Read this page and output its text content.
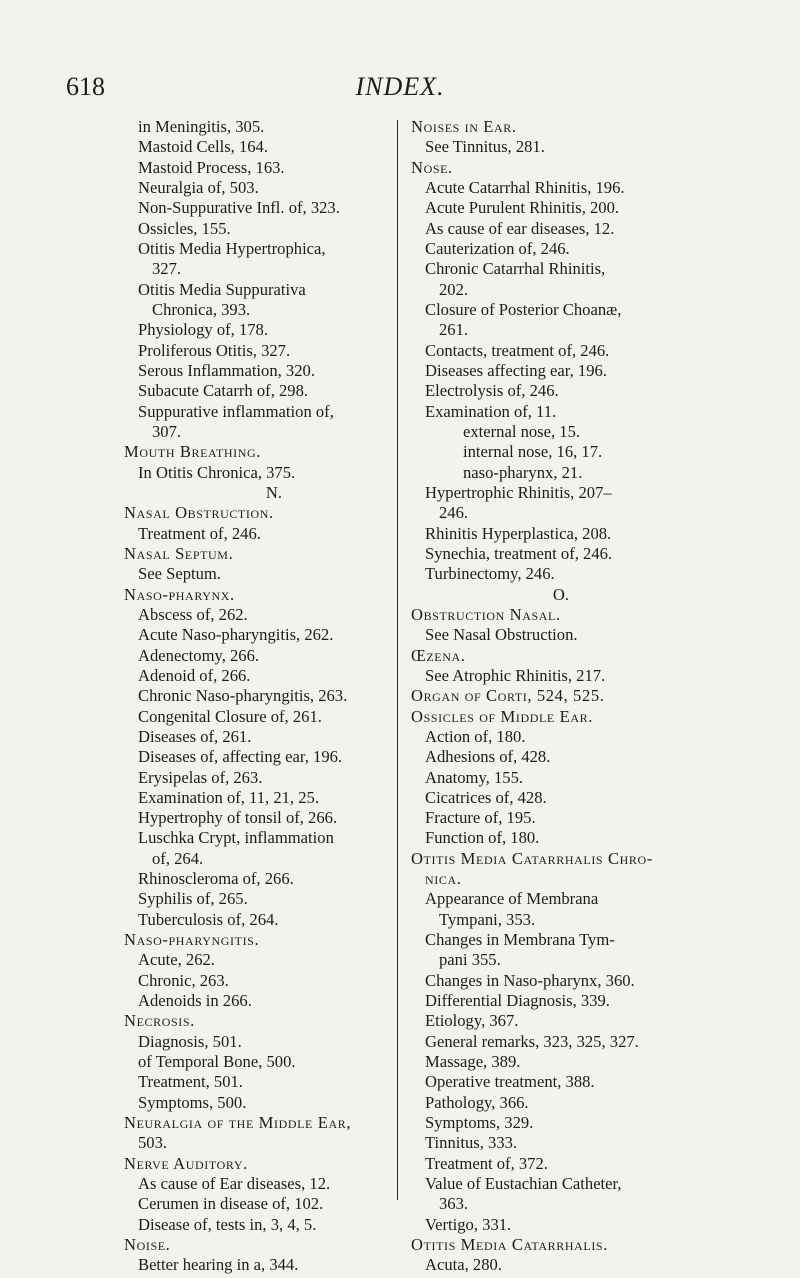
618	INDEX.
in Meningitis, 305.
Mastoid Cells, 164.
Mastoid Process, 163.
Neuralgia of, 503.
Non-Suppurative Infl. of, 323.
Ossicles, 155.
Otitis Media Hypertrophica,
327.
Otitis Media Suppurativa
Chronica, 393.
Physiology of, 178.
Proliferous Otitis, 327.
Serous Inflammation, 320.
Subacute Catarrh of, 298.
Suppurative inflammation of,
307.
Mouth Breathing.
In Otitis Chronica, 375.
N.
Nasal Obstruction.
Treatment of, 246.
Nasal Septum.
See Septum.
Naso-pharynx.
Abscess of, 262.
Acute Naso-pharyngitis, 262.
Adenectomy, 266.
Adenoid of, 266.
Chronic Naso-pharyngitis, 263.
Congenital Closure of, 261.
Diseases of, 261.
Diseases of, affecting ear, 196.
Erysipelas of, 263.
Examination of, 11, 21, 25.
Hypertrophy of tonsil of, 266.
Luschka Crypt, inflammation
of, 264.
Rhinoscleroma of, 266.
Syphilis of, 265.
Tuberculosis of, 264.
Naso-pharyngitis.
Acute, 262.
Chronic, 263.
Adenoids in 266.
Necrosis.
Diagnosis, 501.
of Temporal Bone, 500.
Treatment, 501.
Symptoms, 500.
Neuralgia of the Middle Ear,
503.
Nerve Auditory.
As cause of Ear diseases, 12.
Cerumen in disease of, 102.
Disease of, tests in, 3, 4, 5.
Noise.
Better hearing in a, 344.
Noises in Ear.
See Tinnitus, 281.
Nose.
Acute Catarrhal Rhinitis, 196.
Acute Purulent Rhinitis, 200.
As cause of ear diseases, 12.
Cauterization of, 246.
Chronic Catarrhal Rhinitis,
202.
Closure of Posterior Choanæ,
261.
Contacts, treatment of, 246.
Diseases affecting ear, 196.
Electrolysis of, 246.
Examination of, 11.
external nose, 15.
internal nose, 16, 17.
naso-pharynx, 21.
Hypertrophic Rhinitis, 207–
246.
Rhinitis Hyperplastica, 208.
Synechia, treatment of, 246.
Turbinectomy, 246.
O.
Obstruction Nasal.
See Nasal Obstruction.
Œzena.
See Atrophic Rhinitis, 217.
Organ of Corti, 524, 525.
Ossicles of Middle Ear.
Action of, 180.
Adhesions of, 428.
Anatomy, 155.
Cicatrices of, 428.
Fracture of, 195.
Function of, 180.
Otitis Media Catarrhalis Chro-
nica.
Appearance of Membrana
Tympani, 353.
Changes in Membrana Tym-
pani 355.
Changes in Naso-pharynx, 360.
Differential Diagnosis, 339.
Etiology, 367.
General remarks, 323, 325, 327.
Massage, 389.
Operative treatment, 388.
Pathology, 366.
Symptoms, 329.
Tinnitus, 333.
Treatment of, 372.
Value of Eustachian Catheter,
363.
Vertigo, 331.
Otitis Media Catarrhalis.
Acuta, 280.
